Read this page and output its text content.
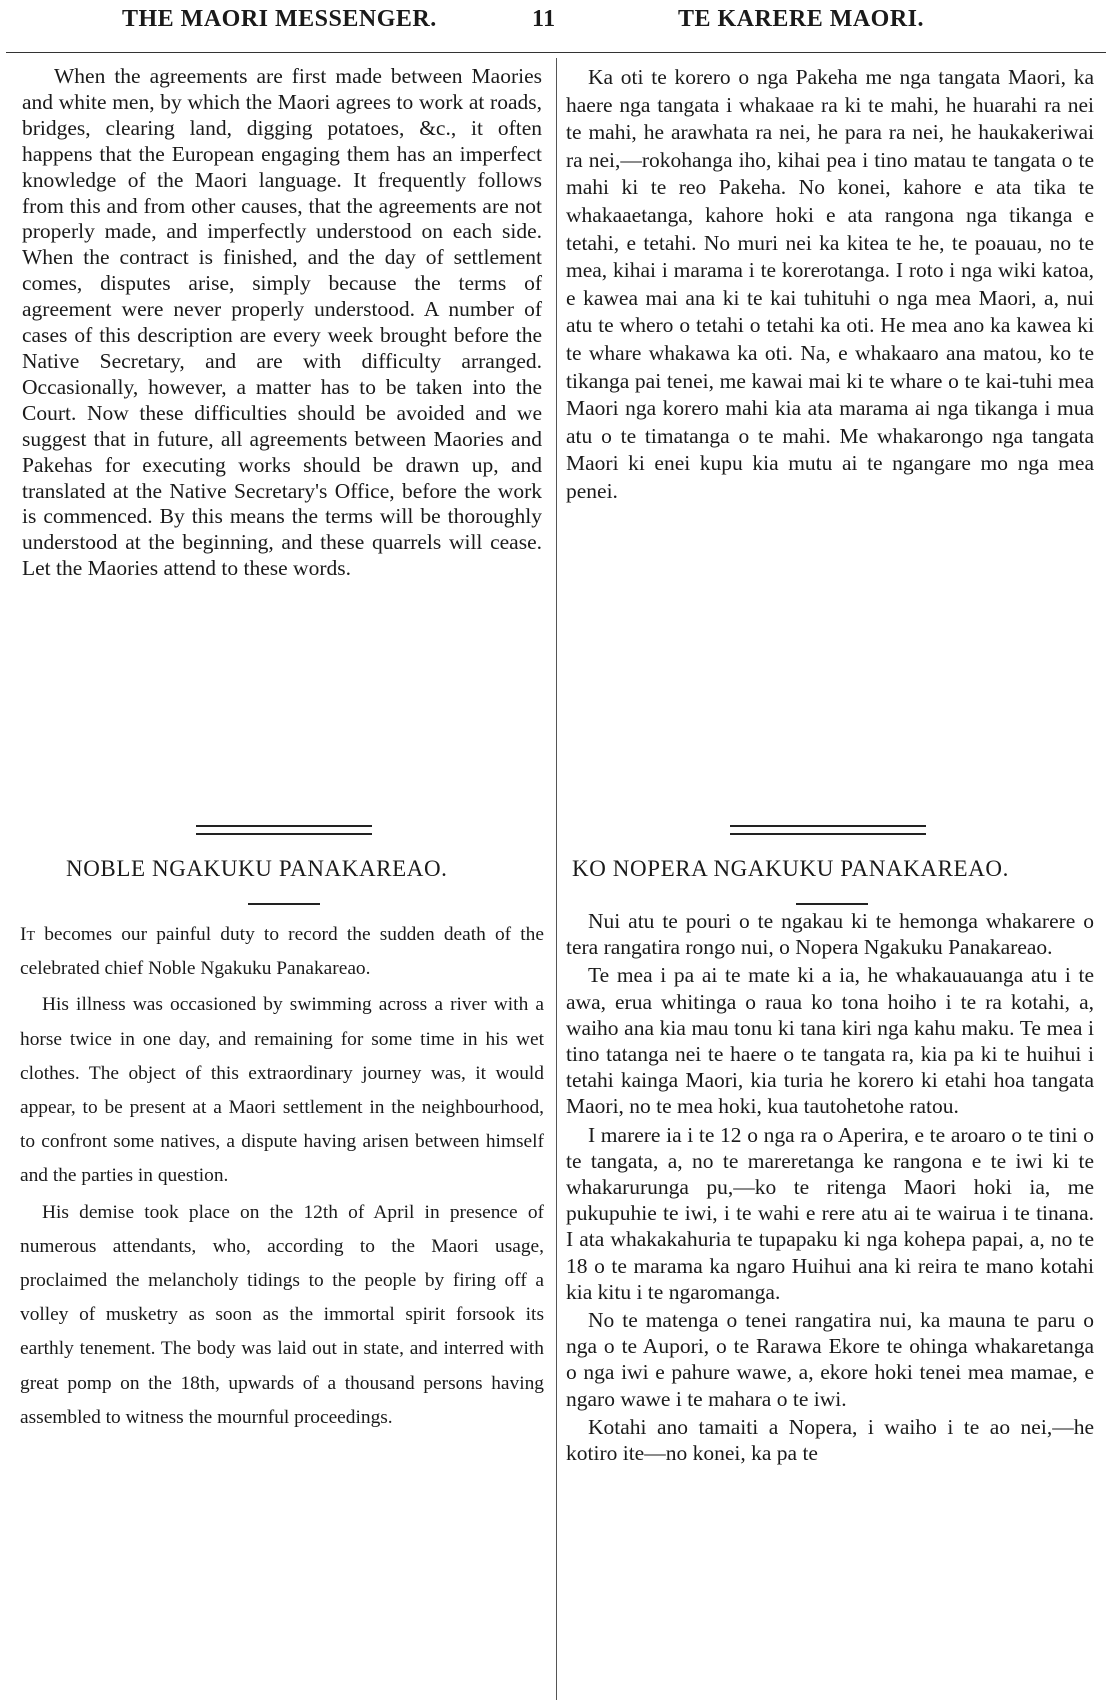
THE MAORI MESSENGER.	11	TE KARERE MAORI.

When the agreements are first made between Maories and white men, by which the Maori agrees to work at roads, bridges, clearing land, digging potatoes, &c., it often happens that the European engaging them has an imperfect knowledge of the Maori language. It frequently follows from this and from other causes, that the agreements are not properly made, and imperfectly understood on each side. When the contract is finished, and the day of settlement comes, disputes arise, simply because the terms of agreement were never properly understood. A number of cases of this description are every week brought before the Native Secretary, and are with difficulty arranged. Occasionally, however, a matter has to be taken into the Court. Now these difficulties should be avoided and we suggest that in future, all agreements between Maories and Pakehas for executing works should be drawn up, and translated at the Native Secretary's Office, before the work is commenced. By this means the terms will be thoroughly understood at the beginning, and these quarrels will cease. Let the Maories attend to these words.

Ka oti te korero o nga Pakeha me nga tangata Maori, ka haere nga tangata i whakaae ra ki te mahi, he huarahi ra nei te mahi, he arawhata ra nei, he para ra nei, he haukakeriwai ra nei,—rokohanga iho, kihai pea i tino matau te tangata o te mahi ki te reo Pakeha. No konei, kahore e ata tika te whakaaetanga, kahore hoki e ata rangona nga tikanga e tetahi, e tetahi. No muri nei ka kitea te he, te poauau, no te mea, kihai i marama i te korerotanga. I roto i nga wiki katoa, e kawea mai ana ki te kai tuhituhi o nga mea Maori, a, nui atu te whero o tetahi o tetahi ka oti. He mea ano ka kawea ki te whare whakawa ka oti. Na, e whakaaro ana matou, ko te tikanga pai tenei, me kawai mai ki te whare o te kai-tuhi mea Maori nga korero mahi kia ata marama ai nga tikanga i mua atu o te timatanga o te mahi. Me whakarongo nga tangata Maori ki enei kupu kia mutu ai te ngangare mo nga mea penei.

NOBLE NGAKUKU PANAKAREAO.	KO NOPERA NGAKUKU PANAKAREAO.

It becomes our painful duty to record the sudden death of the celebrated chief Noble Ngakuku Panakareao.

His illness was occasioned by swimming across a river with a horse twice in one day, and remaining for some time in his wet clothes. The object of this extraordinary journey was, it would appear, to be present at a Maori settlement in the neighbourhood, to confront some natives, a dispute having arisen between himself and the parties in question.

His demise took place on the 12th of April in presence of numerous attendants, who, according to the Maori usage, proclaimed the melancholy tidings to the people by firing off a volley of musketry as soon as the immortal spirit forsook its earthly tenement. The body was laid out in state, and interred with great pomp on the 18th, upwards of a thousand persons having assembled to witness the mournful proceedings.

Nui atu te pouri o te ngakau ki te hemonga whakarere o tera rangatira rongo nui, o Nopera Ngakuku Panakareao.

Te mea i pa ai te mate ki a ia, he whakauauanga atu i te awa, erua whitinga o raua ko tona hoiho i te ra kotahi, a, waiho ana kia mau tonu ki tana kiri nga kahu maku. Te mea i tino tatanga nei te haere o te tangata ra, kia pa ki te huihui i tetahi kainga Maori, kia turia he korero ki etahi hoa tangata Maori, no te mea hoki, kua tautohetohe ratou.

I marere ia i te 12 o nga ra o Aperira, e te aroaro o te tini o te tangata, a, no te mareretanga ke rangona e te iwi ki te whakarurunga pu,—ko te ritenga Maori hoki ia, me pukupuhie te iwi, i te wahi e rere atu ai te wairua i te tinana. I ata whakakahuria te tupapaku ki nga kohepa papai, a, no te 18 o te marama ka ngaro Huihui ana ki reira te mano kotahi kia kitu i te ngaromanga.

No te matenga o tenei rangatira nui, ka mauna te paru o nga o te Aupori, o te Rarawa Ekore te ohinga whakaretanga o nga iwi e pahure wawe, a, ekore hoki tenei mea mamae, e ngaro wawe i te mahara o te iwi.

Kotahi ano tamaiti a Nopera, i waiho i te ao nei,—he kotiro ite—no konei, ka pa te
